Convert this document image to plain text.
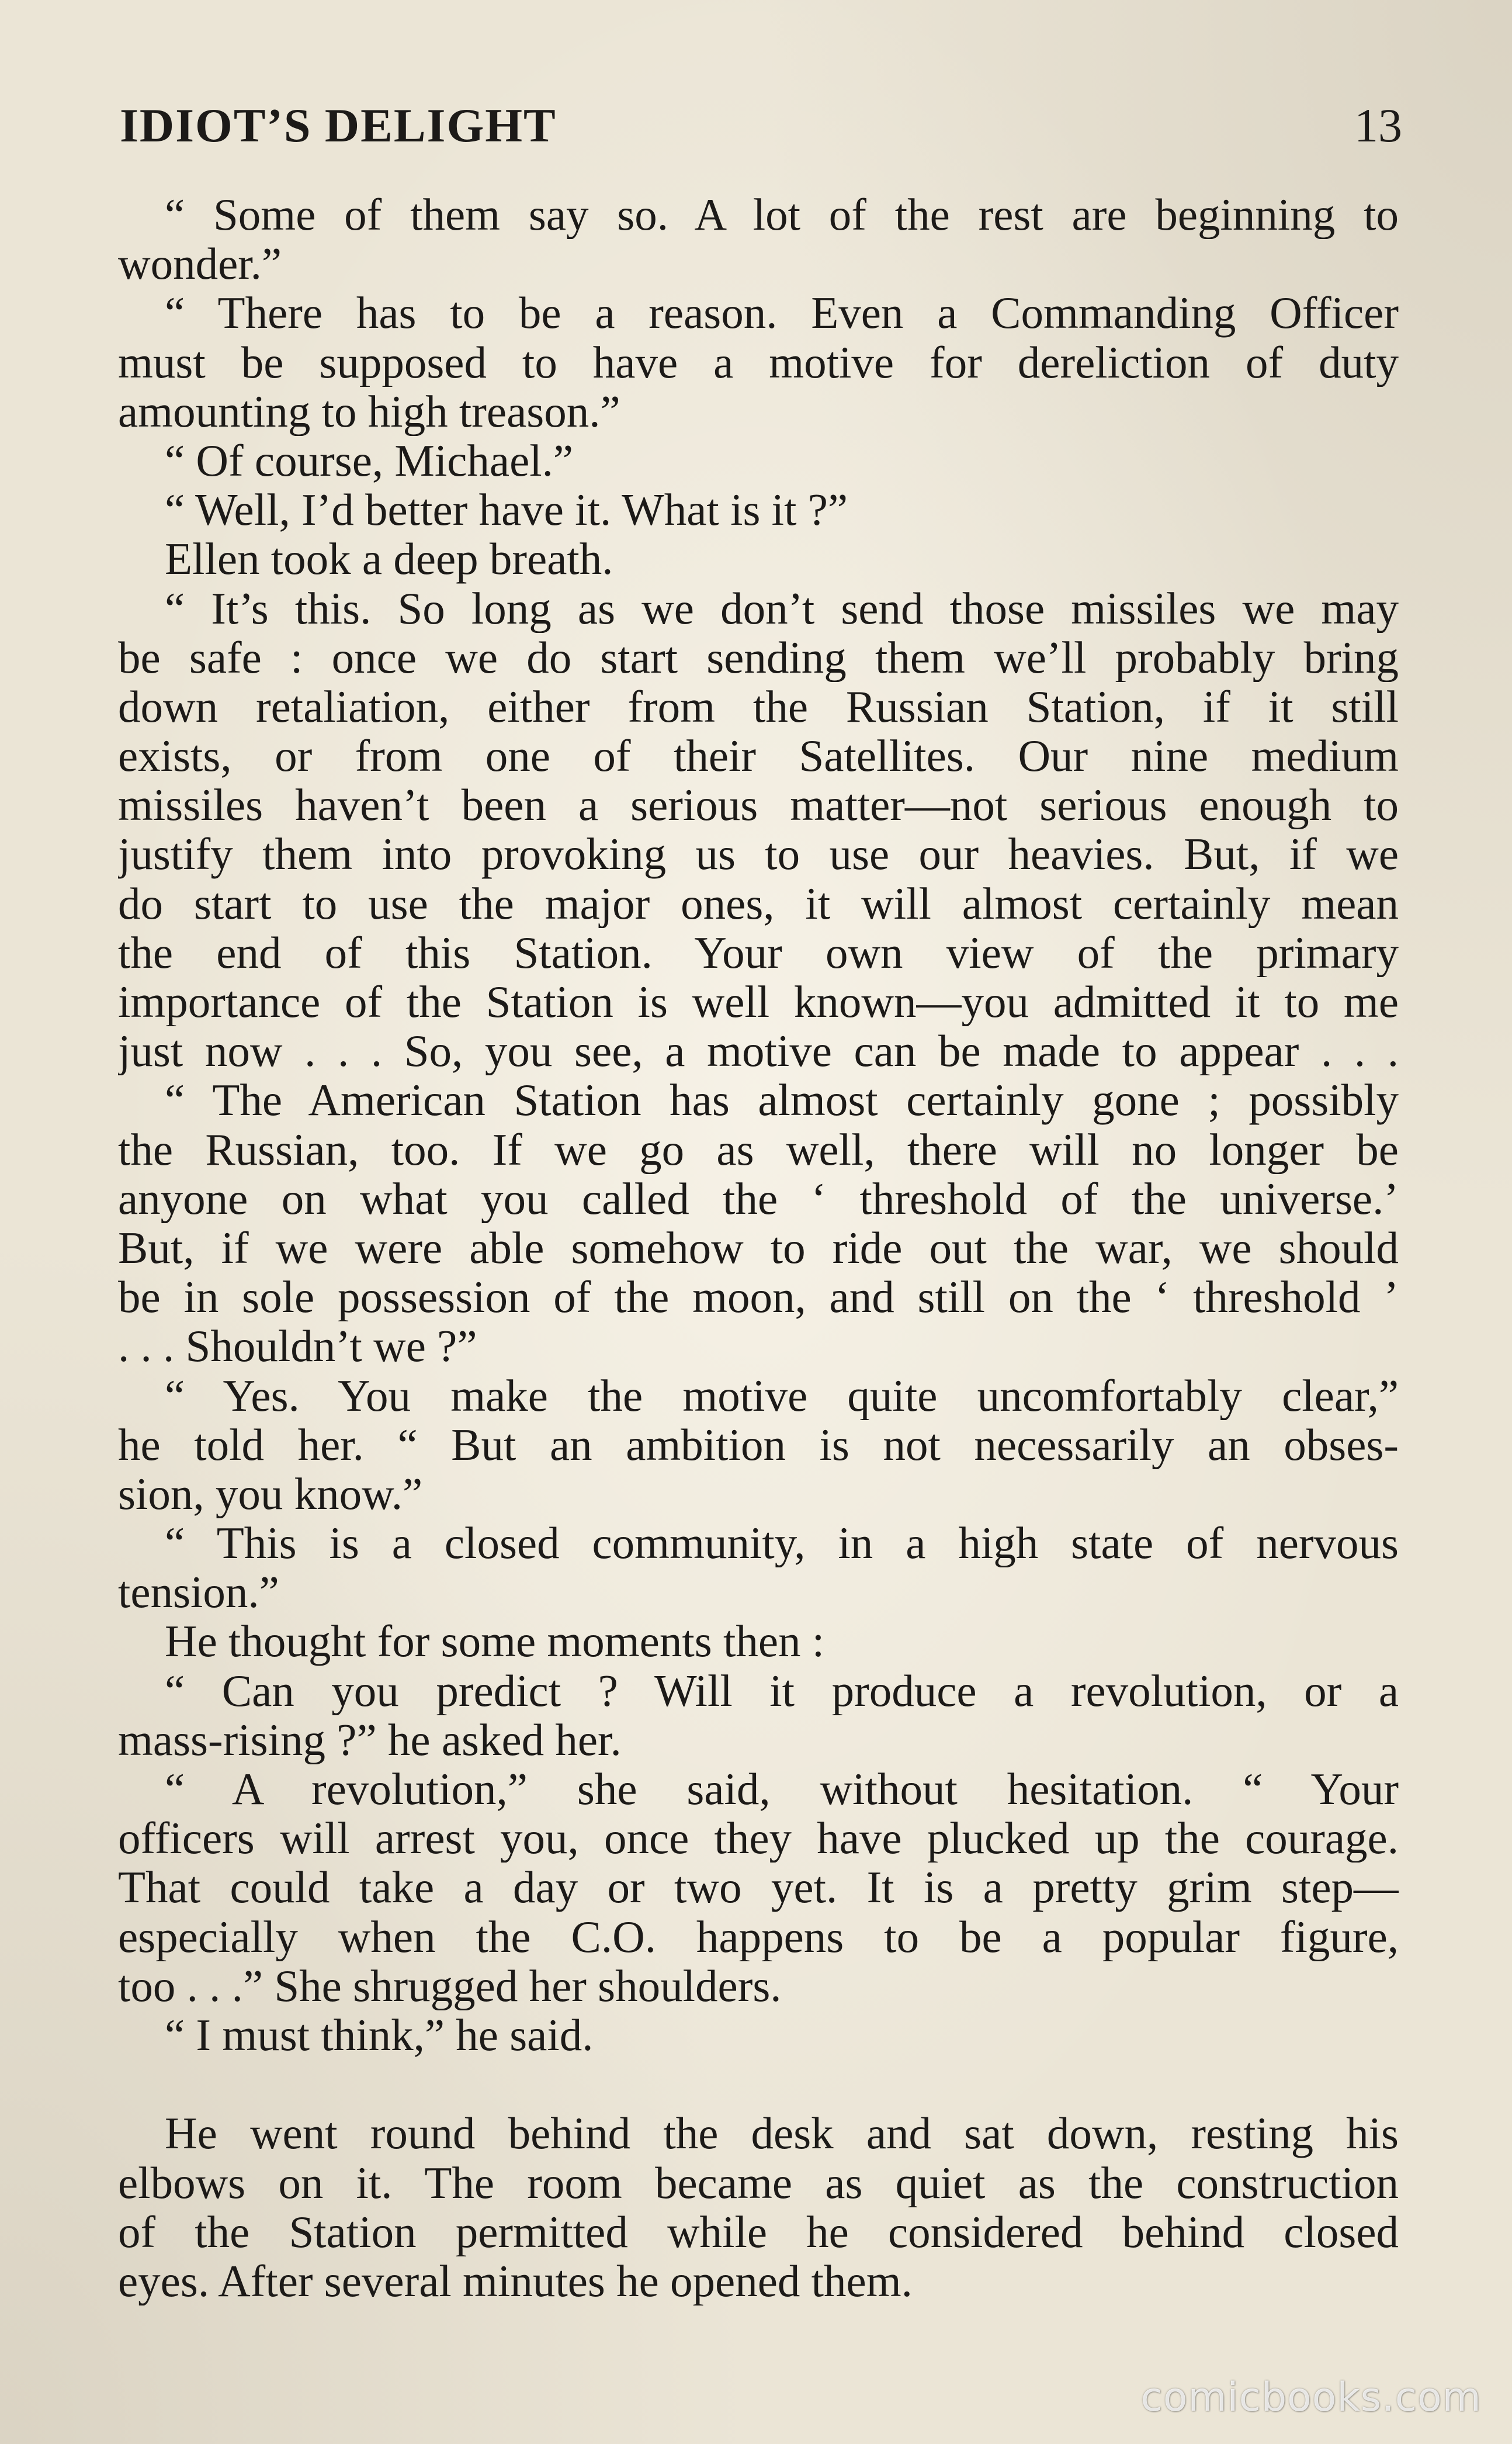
IDIOT’S DELIGHT	13
“ Some of them say so. A lot of the rest are beginning to
wonder.”
“ There has to be a reason. Even a Commanding Officer
must be supposed to have a motive for dereliction of duty
amounting to high treason.”
“ Of course, Michael.”
“ Well, I’d better have it. What is it ?”
Ellen took a deep breath.
“ It’s this. So long as we don’t send those missiles we may
be safe : once we do start sending them we’ll probably bring
down retaliation, either from the Russian Station, if it still
exists, or from one of their Satellites. Our nine medium
missiles haven’t been a serious matter—not serious enough to
justify them into provoking us to use our heavies. But, if we
do start to use the major ones, it will almost certainly mean
the end of this Station. Your own view of the primary
importance of the Station is well known—you admitted it to me
just now . . . So, you see, a motive can be made to appear . . .
“ The American Station has almost certainly gone ; possibly
the Russian, too. If we go as well, there will no longer be
anyone on what you called the ‘ threshold of the universe.’
But, if we were able somehow to ride out the war, we should
be in sole possession of the moon, and still on the ‘ threshold ’
. . . Shouldn’t we ?”
“ Yes. You make the motive quite uncomfortably clear,”
he told her. “ But an ambition is not necessarily an obses-
sion, you know.”
“ This is a closed community, in a high state of nervous
tension.”
He thought for some moments then :
“ Can you predict ? Will it produce a revolution, or a
mass-rising ?” he asked her.
“ A revolution,” she said, without hesitation. “ Your
officers will arrest you, once they have plucked up the courage.
That could take a day or two yet. It is a pretty grim step—
especially when the C.O. happens to be a popular figure,
too . . .” She shrugged her shoulders.
“ I must think,” he said.
He went round behind the desk and sat down, resting his
elbows on it. The room became as quiet as the construction
of the Station permitted while he considered behind closed
eyes. After several minutes he opened them.
comicbooks.com
